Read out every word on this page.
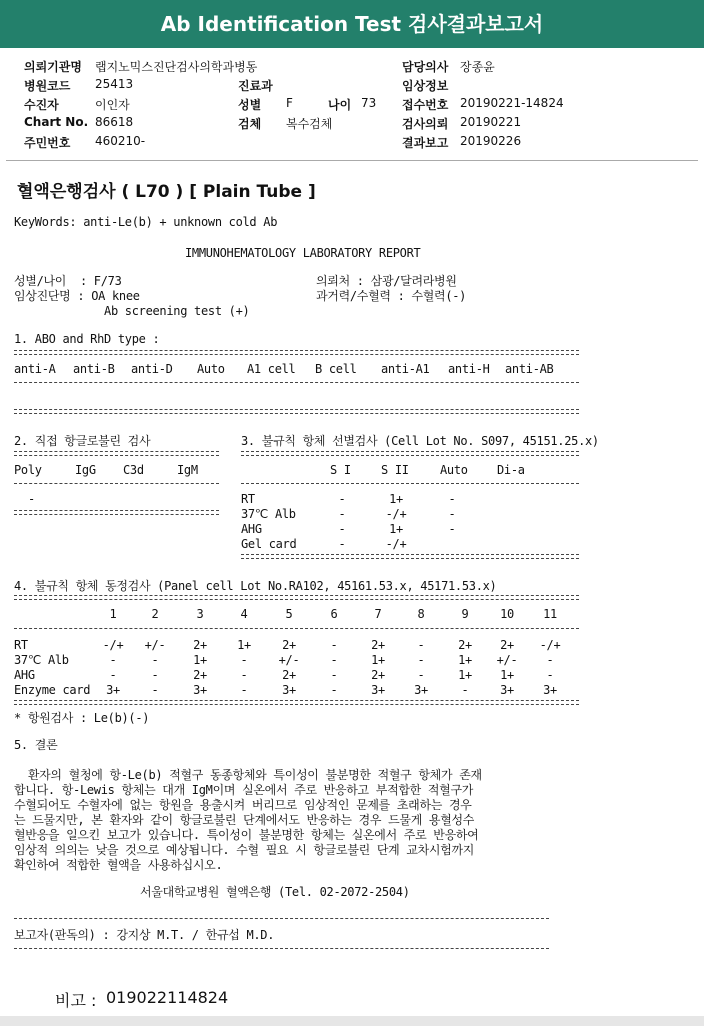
Ab Identification Test 검사결과보고서
의뢰기관명 랩지노믹스진단검사의학과병동
병원코드 25413
수진자	이인자
Chart No. 86618
주민번호 460210-
진료과
성별 F	나이 73
검체 복수검체
담당의사 장종윤
임상정보
접수번호 20190221-14824
검사의뢰 20190221
결과보고 20190226
혈액은행검사 ( L70 ) [ Plain Tube ]
KeyWords: anti-Le(b) + unknown cold Ab
IMMUNOHEMATOLOGY LABORATORY REPORT
성별/나이  : F/73
임상진단명 : OA knee
Ab screening test (+)
의뢰처 : 삼광/달려라병원
과거력/수혈력 : 수혈력(-)
1. ABO and RhD type :
anti-A anti-B anti-D Auto A1 cell B cell anti-A1 anti-H anti-AB
2. 직접 항글로불린 검사
Poly	IgG C3d	IgM
-
3. 불규칙 항체 선별검사 (Cell Lot No. S097, 45151.25.x)
S I	S II	Auto Di-a
RT	-	1+	-
37℃ Alb	-	-/+	-
AHG	-	1+	-
Gel card	-	-/+
4. 불규칙 항체 동정검사 (Panel cell Lot No.RA102, 45161.53.x, 45171.53.x)
1	2	3	4	5	6	7	8	9	10	11
RT	-/+	+/-	2+	1+	2+	-	2+	-	2+	2+	-/+
37℃ Alb	-	-	1+	-	+/-	-	1+	-	1+	+/-	-
AHG	-	-	2+	-	2+	-	2+	-	1+	1+	-
Enzyme card	3+	-	3+	-	3+	-	3+	3+	-	3+	3+
* 항원검사 : Le(b)(-)
5. 결론
환자의 혈청에 항-Le(b) 적혈구 동종항체와 특이성이 불분명한 적혈구 항체가 존재
합니다. 항-Lewis 항체는 대개 IgM이며 실온에서 주로 반응하고 부적합한 적혈구가
수혈되어도 수혈자에 없는 항원을 용출시켜 버리므로 임상적인 문제를 초래하는 경우
는 드물지만, 본 환자와 같이 항글로불린 단계에서도 반응하는 경우 드물게 용혈성수
혈반응을 일으킨 보고가 있습니다. 특이성이 불분명한 항체는 실온에서 주로 반응하여
임상적 의의는 낮을 것으로 예상됩니다. 수혈 필요 시 항글로불린 단계 교차시험까지
확인하여 적합한 혈액을 사용하십시오.
서울대학교병원 혈액은행 (Tel. 02-2072-2504)
보고자(판독의) : 강지상 M.T. / 한규섭 M.D.
비고 : 019022114824
